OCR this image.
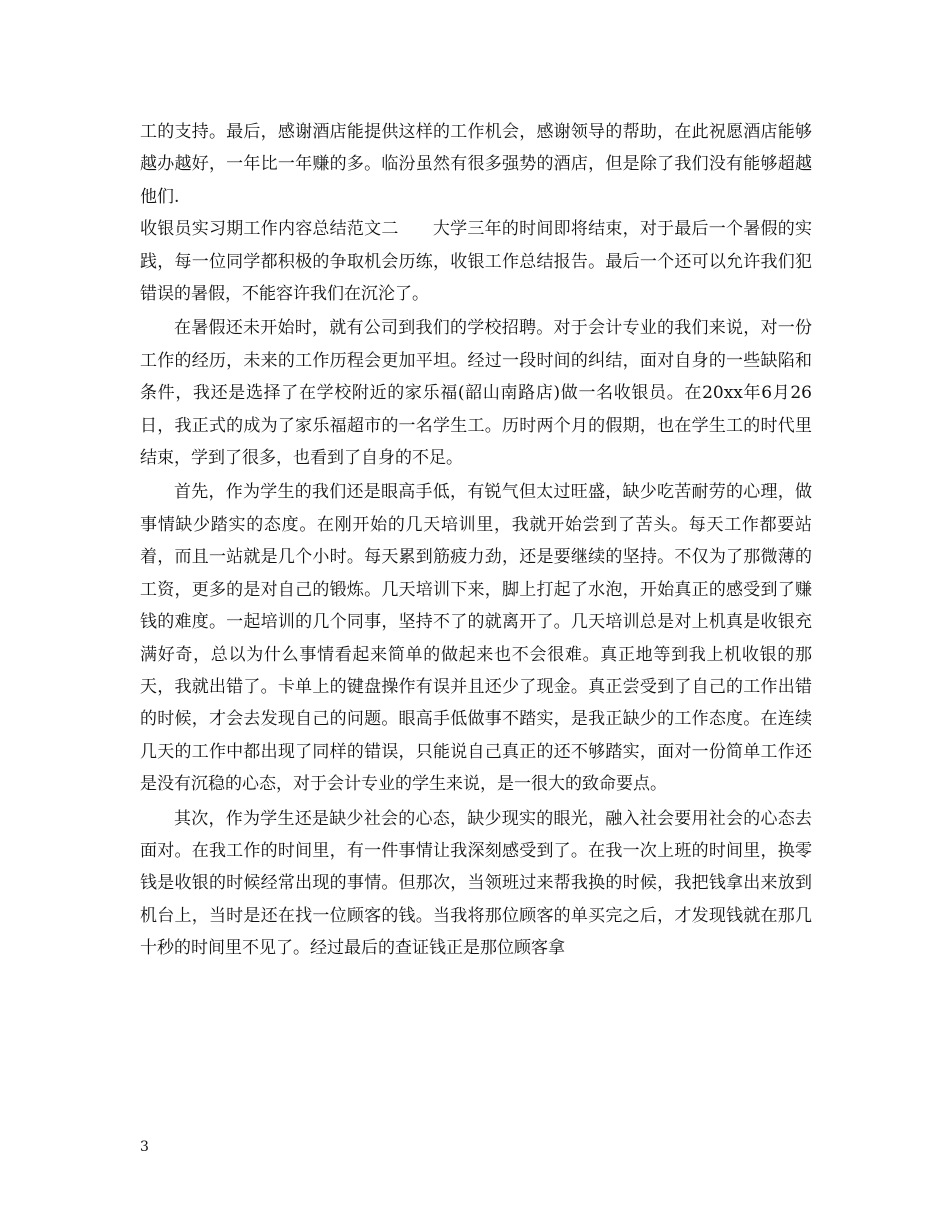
工的支持。最后，感谢酒店能提供这样的工作机会，感谢领导的帮助，在此祝愿酒店能够越办越好，一年比一年赚的多。临汾虽然有很多强势的酒店，但是除了我们没有能够超越他们.

收银员实习期工作内容总结范文二 大学三年的时间即将结束，对于最后一个暑假的实践，每一位同学都积极的争取机会历练，收银工作总结报告。最后一个还可以允许我们犯错误的暑假，不能容许我们在沉沦了。

在暑假还未开始时，就有公司到我们的学校招聘。对于会计专业的我们来说，对一份工作的经历，未来的工作历程会更加平坦。经过一段时间的纠结，面对自身的一些缺陷和条件，我还是选择了在学校附近的家乐福(韶山南路店)做一名收银员。在20xx年6月26日，我正式的成为了家乐福超市的一名学生工。历时两个月的假期，也在学生工的时代里结束，学到了很多，也看到了自身的不足。

首先，作为学生的我们还是眼高手低，有锐气但太过旺盛，缺少吃苦耐劳的心理，做事情缺少踏实的态度。在刚开始的几天培训里，我就开始尝到了苦头。每天工作都要站着，而且一站就是几个小时。每天累到筋疲力劲，还是要继续的坚持。不仅为了那微薄的工资，更多的是对自己的锻炼。几天培训下来，脚上打起了水泡，开始真正的感受到了赚钱的难度。一起培训的几个同事，坚持不了的就离开了。几天培训总是对上机真是收银充满好奇，总以为什么事情看起来简单的做起来也不会很难。真正地等到我上机收银的那天，我就出错了。卡单上的键盘操作有误并且还少了现金。真正尝受到了自己的工作出错的时候，才会去发现自己的问题。眼高手低做事不踏实，是我正缺少的工作态度。在连续几天的工作中都出现了同样的错误，只能说自己真正的还不够踏实，面对一份简单工作还是没有沉稳的心态，对于会计专业的学生来说，是一很大的致命要点。

其次，作为学生还是缺少社会的心态，缺少现实的眼光，融入社会要用社会的心态去面对。在我工作的时间里，有一件事情让我深刻感受到了。在我一次上班的时间里，换零钱是收银的时候经常出现的事情。但那次，当领班过来帮我换的时候，我把钱拿出来放到机台上，当时是还在找一位顾客的钱。当我将那位顾客的单买完之后，才发现钱就在那几十秒的时间里不见了。经过最后的查证钱正是那位顾客拿

3
